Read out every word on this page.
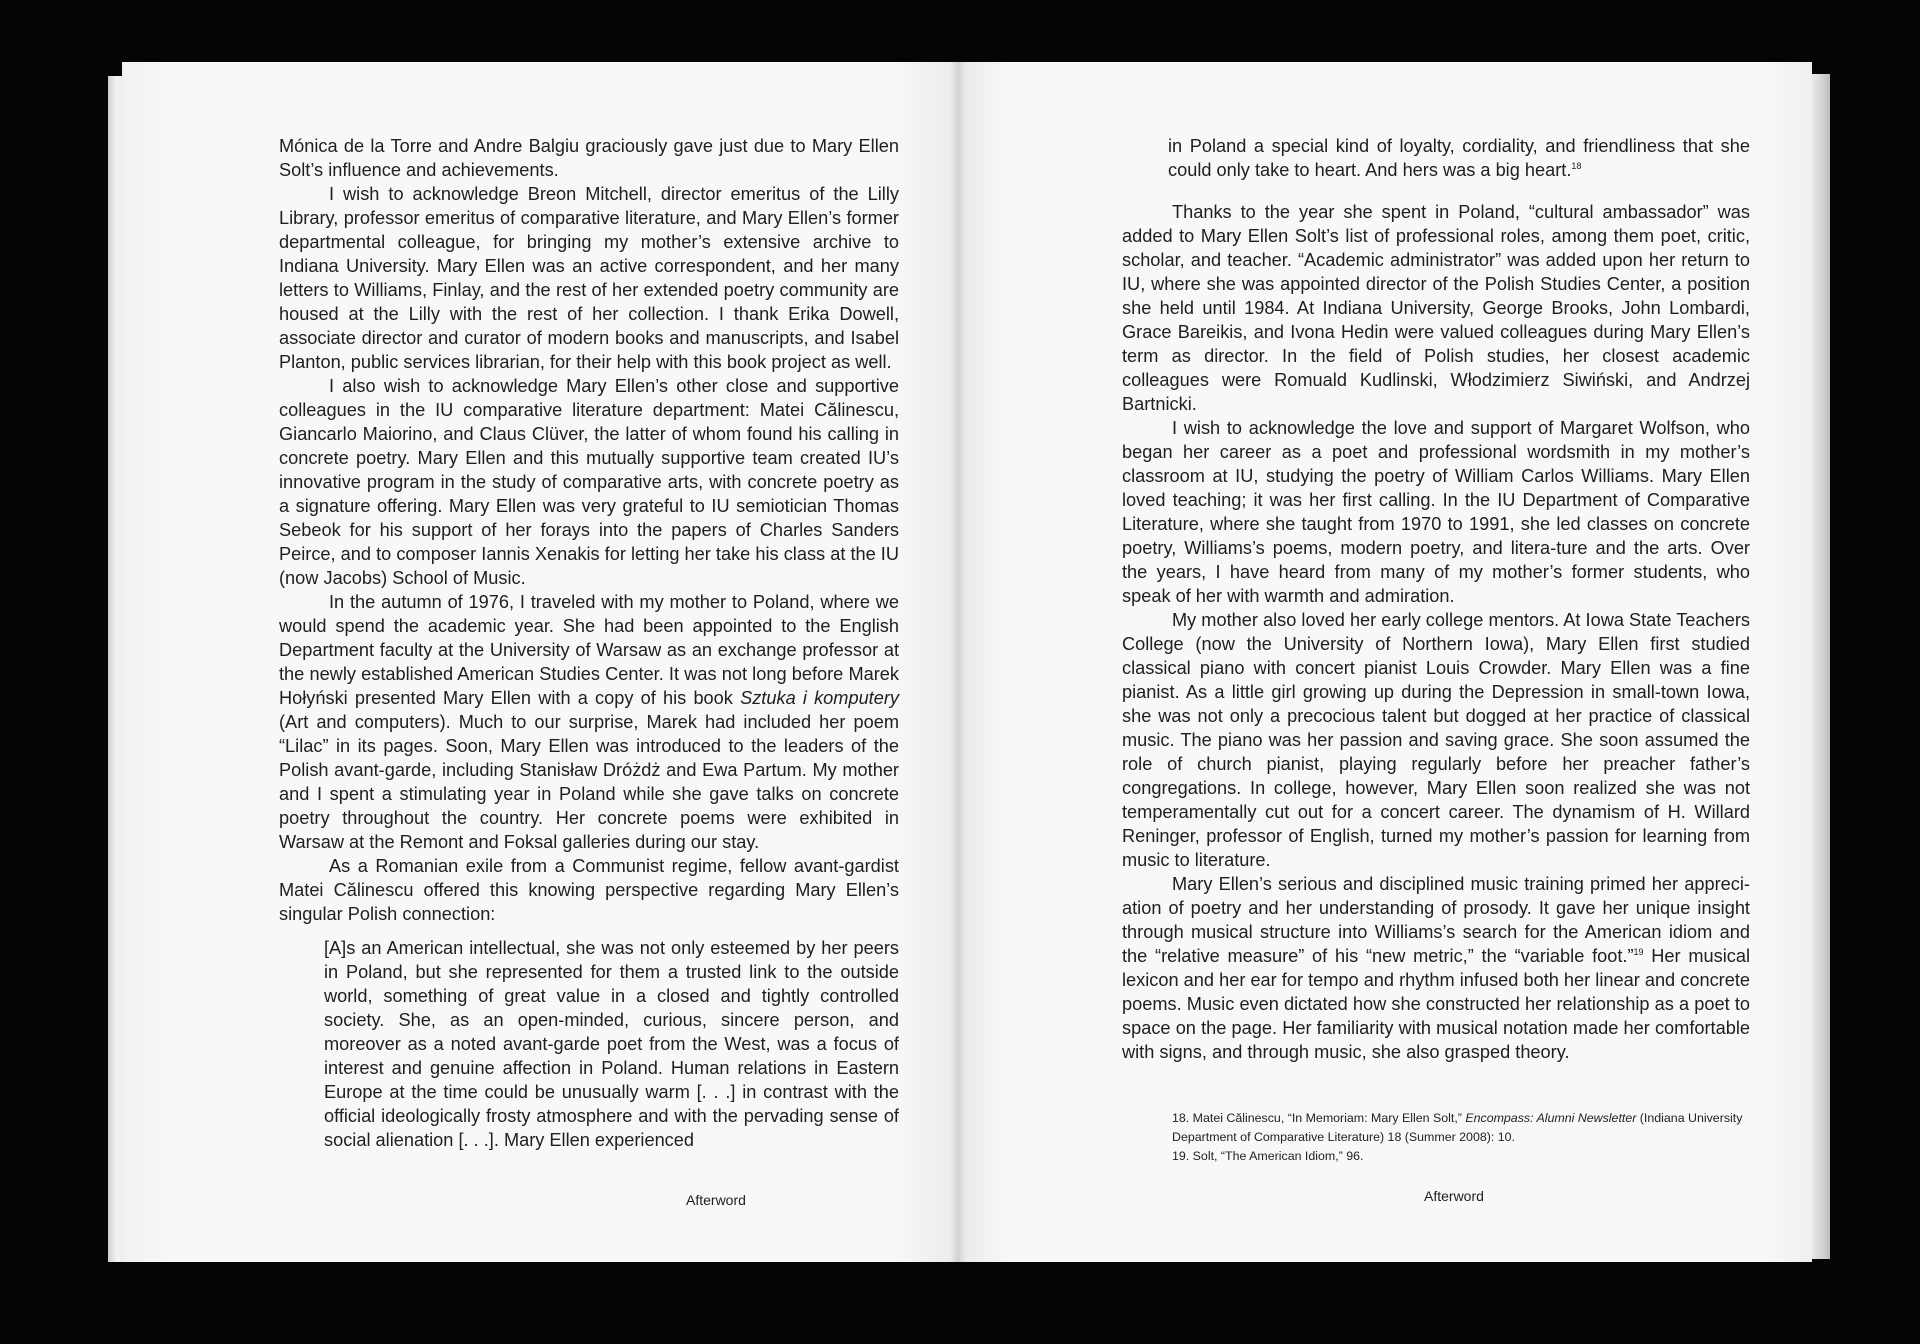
Mónica de la Torre and Andre Balgiu graciously gave just due to Mary Ellen Solt’s influence and achievements.

I wish to acknowledge Breon Mitchell, director emeritus of the Lilly Library, professor emeritus of comparative literature, and Mary Ellen’s former departmental colleague, for bringing my mother’s extensive archive to Indiana University. Mary Ellen was an active correspondent, and her many letters to Williams, Finlay, and the rest of her extended poetry community are housed at the Lilly with the rest of her collection. I thank Erika Dowell, associate director and curator of modern books and manuscripts, and Isabel Planton, public services librarian, for their help with this book project as well.

I also wish to acknowledge Mary Ellen’s other close and supportive colleagues in the IU comparative literature department: Matei Călinescu, Giancarlo Maiorino, and Claus Clüver, the latter of whom found his calling in concrete poetry. Mary Ellen and this mutually supportive team created IU’s innovative program in the study of comparative arts, with concrete poetry as a signature offering. Mary Ellen was very grateful to IU semiotician Thomas Sebeok for his support of her forays into the papers of Charles Sanders Peirce, and to composer Iannis Xenakis for letting her take his class at the IU (now Jacobs) School of Music.

In the autumn of 1976, I traveled with my mother to Poland, where we would spend the academic year. She had been appointed to the English Department faculty at the University of Warsaw as an exchange professor at the newly established American Studies Center. It was not long before Marek Hołyński presented Mary Ellen with a copy of his book Sztuka i komputery (Art and computers). Much to our surprise, Marek had included her poem “Lilac” in its pages. Soon, Mary Ellen was introduced to the leaders of the Polish avant-garde, including Stanisław Dróżdż and Ewa Partum. My mother and I spent a stimulating year in Poland while she gave talks on concrete poetry throughout the country. Her concrete poems were exhibited in Warsaw at the Remont and Foksal galleries during our stay.

As a Romanian exile from a Communist regime, fellow avant-gardist Matei Călinescu offered this knowing perspective regarding Mary Ellen’s singular Polish connection:

[A]s an American intellectual, she was not only esteemed by her peers in Poland, but she represented for them a trusted link to the outside world, something of great value in a closed and tightly controlled society. She, as an open-minded, curious, sincere person, and moreover as a noted avant-garde poet from the West, was a focus of interest and genuine affection in Poland. Human relations in Eastern Europe at the time could be unusually warm [. . .] in contrast with the official ideologically frosty atmosphere and with the pervading sense of social alienation [. . .]. Mary Ellen experienced

Afterword

in Poland a special kind of loyalty, cordiality, and friendliness that she could only take to heart. And hers was a big heart.$^{18}$

Thanks to the year she spent in Poland, “cultural ambassador” was added to Mary Ellen Solt’s list of professional roles, among them poet, critic, scholar, and teacher. “Academic administrator” was added upon her return to IU, where she was appointed director of the Polish Studies Center, a position she held until 1984. At Indiana University, George Brooks, John Lombardi, Grace Bareikis, and Ivona Hedin were valued colleagues during Mary Ellen’s term as director. In the field of Polish studies, her closest academic colleagues were Romuald Kudlinski, Włodzimierz Siwiński, and Andrzej Bartnicki.

I wish to acknowledge the love and support of Margaret Wolfson, who began her career as a poet and professional wordsmith in my mother’s classroom at IU, studying the poetry of William Carlos Williams. Mary Ellen loved teaching; it was her first calling. In the IU Department of Comparative Literature, where she taught from 1970 to 1991, she led classes on concrete poetry, Williams’s poems, modern poetry, and litera-ture and the arts. Over the years, I have heard from many of my mother’s former students, who speak of her with warmth and admiration.

My mother also loved her early college mentors. At Iowa State Teachers College (now the University of Northern Iowa), Mary Ellen first studied classical piano with concert pianist Louis Crowder. Mary Ellen was a fine pianist. As a little girl growing up during the Depression in small-town Iowa, she was not only a precocious talent but dogged at her practice of classical music. The piano was her passion and saving grace. She soon assumed the role of church pianist, playing regularly before her preacher father’s congregations. In college, however, Mary Ellen soon realized she was not temperamentally cut out for a concert career. The dynamism of H. Willard Reninger, professor of English, turned my mother’s passion for learning from music to literature.

Mary Ellen’s serious and disciplined music training primed her appreci-ation of poetry and her understanding of prosody. It gave her unique insight through musical structure into Williams’s search for the American idiom and the “relative measure” of his “new metric,” the “variable foot.”$^{19}$ Her musical lexicon and her ear for tempo and rhythm infused both her linear and concrete poems. Music even dictated how she constructed her relationship as a poet to space on the page. Her familiarity with musical notation made her comfortable with signs, and through music, she also grasped theory.

18. Matei Călinescu, “In Memoriam: Mary Ellen Solt,” Encompass: Alumni Newsletter (Indiana University Department of Comparative Literature) 18 (Summer 2008): 10.

19. Solt, “The American Idiom,” 96.

Afterword
